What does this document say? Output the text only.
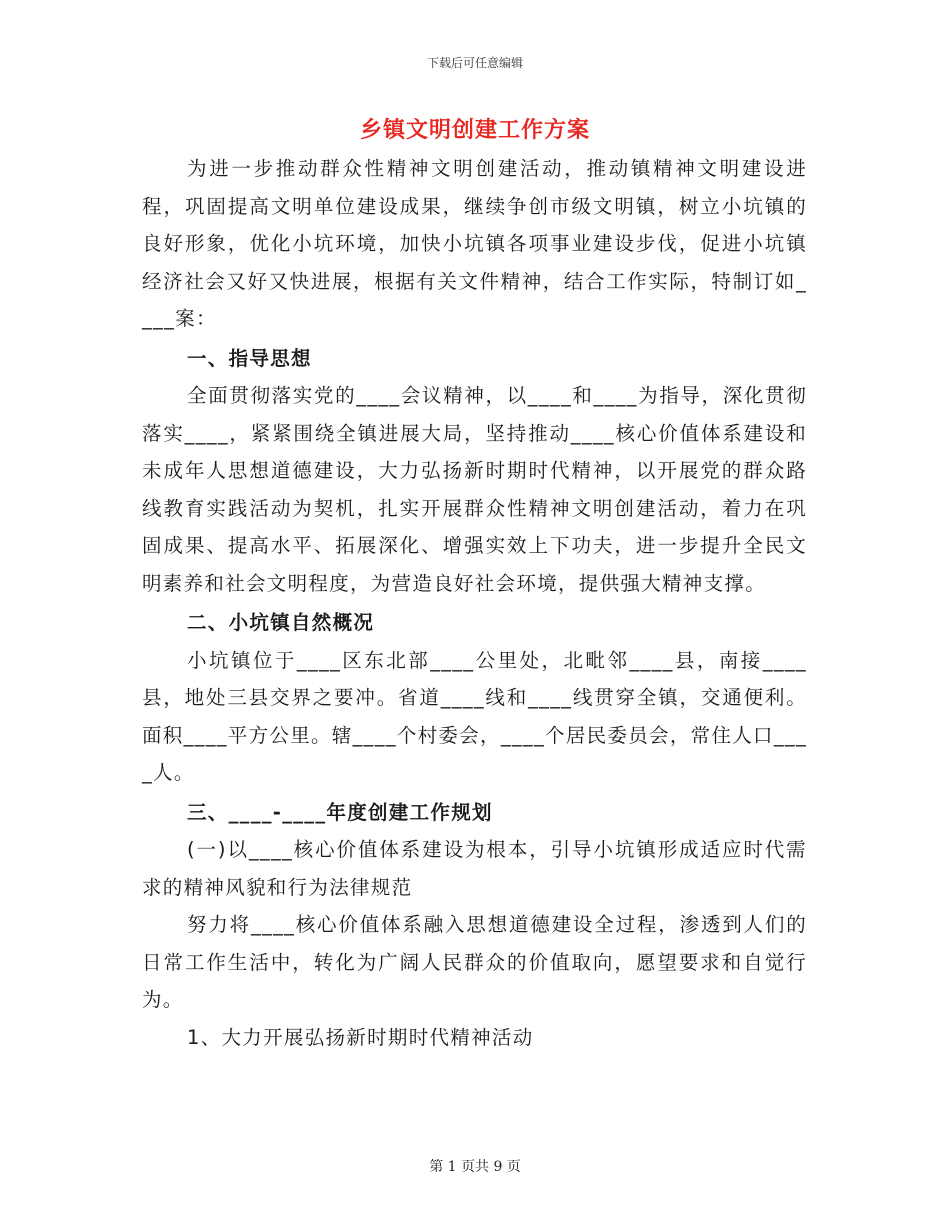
下载后可任意编辑
乡镇文明创建工作方案

为进一步推动群众性精神文明创建活动，推动镇精神文明建设进程，巩固提高文明单位建设成果，继续争创市级文明镇，树立小坑镇的良好形象，优化小坑环境，加快小坑镇各项事业建设步伐，促进小坑镇经济社会又好又快进展，根据有关文件精神，结合工作实际，特制订如____案：

一、指导思想

全面贯彻落实党的____会议精神，以____和____为指导，深化贯彻落实____，紧紧围绕全镇进展大局，坚持推动____核心价值体系建设和未成年人思想道德建设，大力弘扬新时期时代精神，以开展党的群众路线教育实践活动为契机，扎实开展群众性精神文明创建活动，着力在巩固成果、提高水平、拓展深化、增强实效上下功夫，进一步提升全民文明素养和社会文明程度，为营造良好社会环境，提供强大精神支撑。

二、小坑镇自然概况

小坑镇位于____区东北部____公里处，北毗邻____县，南接____县，地处三县交界之要冲。省道____线和____线贯穿全镇，交通便利。面积____平方公里。辖____个村委会，____个居民委员会，常住人口____人。

三、____-____年度创建工作规划

(一)以____核心价值体系建设为根本，引导小坑镇形成适应时代需求的精神风貌和行为法律规范

努力将____核心价值体系融入思想道德建设全过程，渗透到人们的日常工作生活中，转化为广阔人民群众的价值取向，愿望要求和自觉行为。

1、大力开展弘扬新时期时代精神活动

第 1 页共 9 页
